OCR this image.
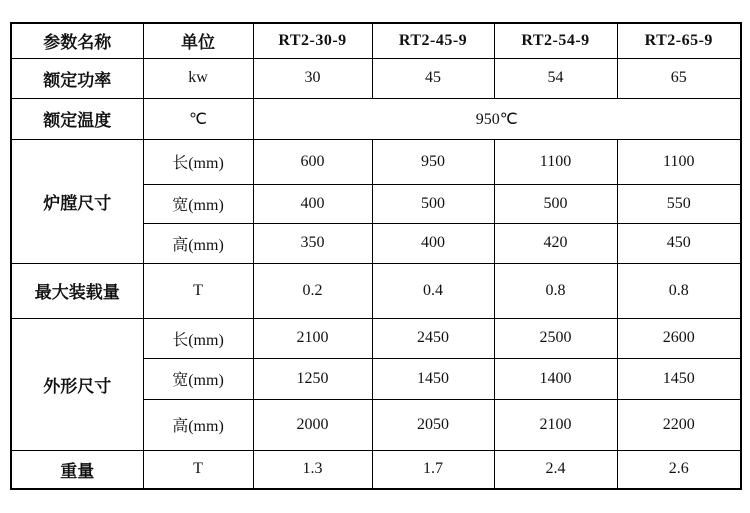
参数名称	单位	RT2-30-9	RT2-45-9	RT2-54-9	RT2-65-9
额定功率	kw	30	45	54	65
额定温度	℃	950℃			
炉膛尺寸	长(mm)	600	950	1100	1100
	宽(mm)	400	500	500	550
	高(mm)	350	400	420	450
最大装载量	T	0.2	0.4	0.8	0.8
外形尺寸	长(mm)	2100	2450	2500	2600
	宽(mm)	1250	1450	1400	1450
	高(mm)	2000	2050	2100	2200
重量	T	1.3	1.7	2.4	2.6
